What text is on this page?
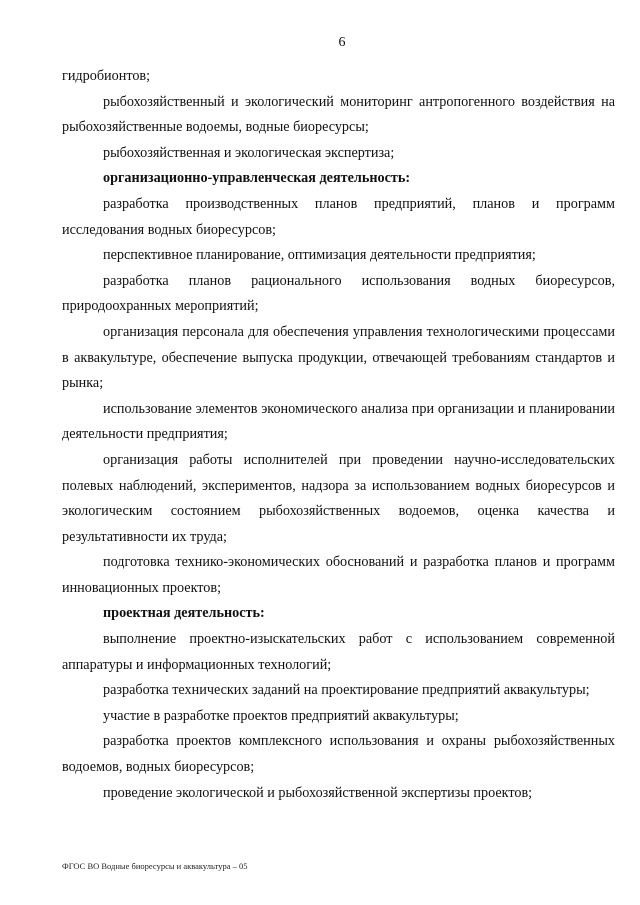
6

гидробионтов;

рыбохозяйственный и экологический мониторинг антропогенного воздействия на рыбохозяйственные водоемы, водные биоресурсы;

рыбохозяйственная и экологическая экспертиза;

организационно-управленческая деятельность:

разработка производственных планов предприятий, планов и программ исследования водных биоресурсов;

перспективное планирование, оптимизация деятельности предприятия;

разработка планов рационального использования водных биоресурсов, природоохранных мероприятий;

организация персонала для обеспечения управления технологическими процессами в аквакультуре, обеспечение выпуска продукции, отвечающей требованиям стандартов и рынка;

использование элементов экономического анализа при организации и планировании деятельности предприятия;

организация работы исполнителей при проведении научно-исследовательских полевых наблюдений, экспериментов, надзора за использованием водных биоресурсов и экологическим состоянием рыбохозяйственных водоемов, оценка качества и результативности их труда;

подготовка технико-экономических обоснований и разработка планов и программ инновационных проектов;

проектная деятельность:

выполнение проектно-изыскательских работ с использованием современной аппаратуры и информационных технологий;

разработка технических заданий на проектирование предприятий аквакультуры;

участие в разработке проектов предприятий аквакультуры;

разработка проектов комплексного использования и охраны рыбохозяйственных водоемов, водных биоресурсов;

проведение экологической и рыбохозяйственной экспертизы проектов;

ФГОС ВО Водные биоресурсы и аквакультура – 05
